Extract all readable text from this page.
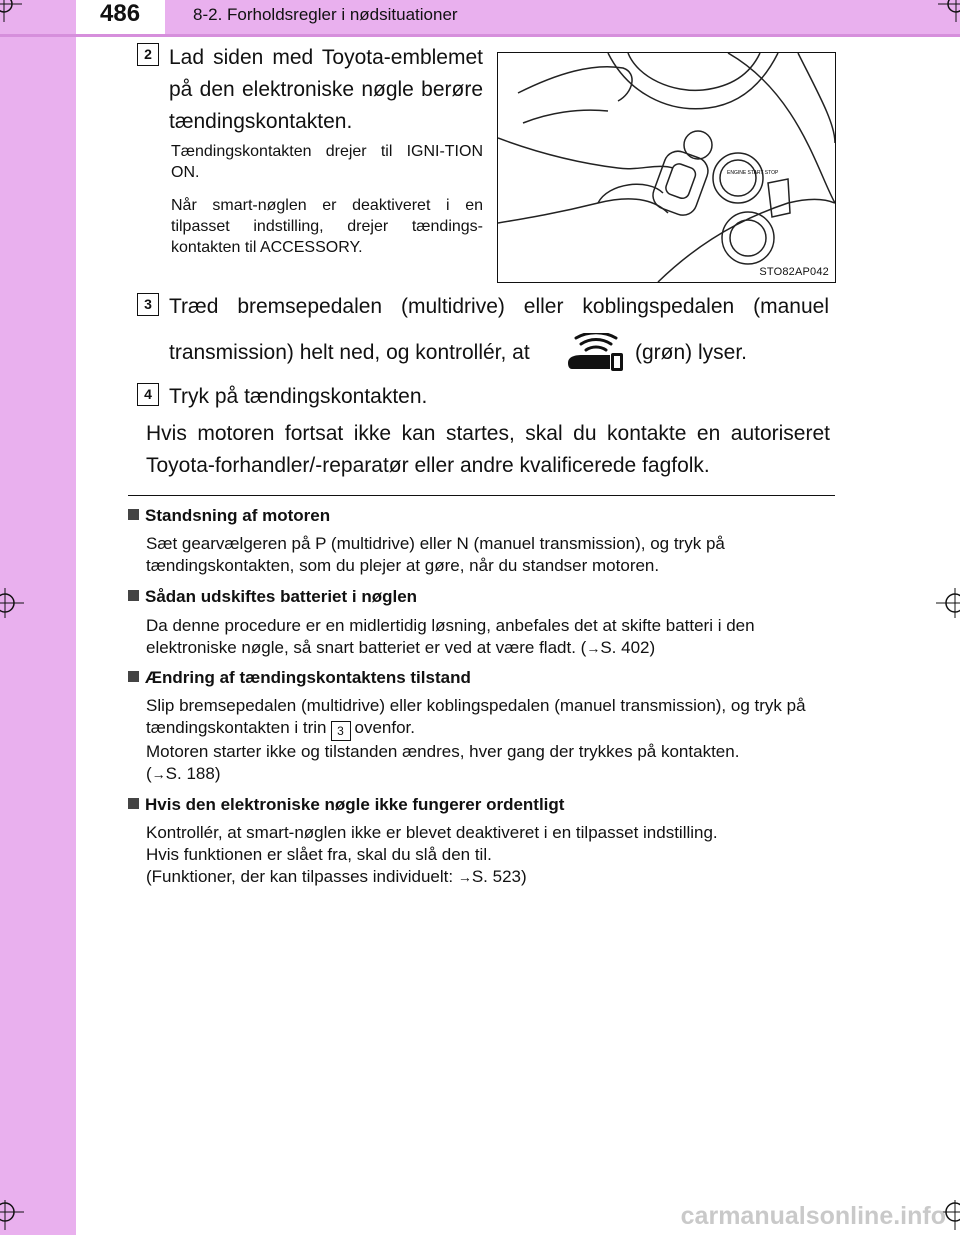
486	8-2. Forholdsregler i nødsituationer
2 Lad siden med Toyota-emblemet på den elektroniske nøgle berøre tændingskontakten.
Tændingskontakten drejer til IGNI-TION ON.
Når smart-nøglen er deaktiveret i en tilpasset indstilling, drejer tændings-kontakten til ACCESSORY.
ENGINE START STOP
STO82AP042
3 Træd bremsepedalen (multidrive) eller koblingspedalen (manuel
transmission) helt ned, og kontrollér, at	(grøn) lyser.
4 Tryk på tændingskontakten.
Hvis motoren fortsat ikke kan startes, skal du kontakte en autoriseret Toyota-forhandler/-reparatør eller andre kvalificerede fagfolk.
Standsning af motoren
Sæt gearvælgeren på P (multidrive) eller N (manuel transmission), og tryk på tændingskontakten, som du plejer at gøre, når du standser motoren.
Sådan udskiftes batteriet i nøglen
Da denne procedure er en midlertidig løsning, anbefales det at skifte batteri i den elektroniske nøgle, så snart batteriet er ved at være fladt. (→S. 402)
Ændring af tændingskontaktens tilstand
Slip bremsepedalen (multidrive) eller koblingspedalen (manuel transmission), og tryk på tændingskontakten i trin 3 ovenfor.
Motoren starter ikke og tilstanden ændres, hver gang der trykkes på kontakten.
(→S. 188)
Hvis den elektroniske nøgle ikke fungerer ordentligt
Kontrollér, at smart-nøglen ikke er blevet deaktiveret i en tilpasset indstilling.
Hvis funktionen er slået fra, skal du slå den til.
(Funktioner, der kan tilpasses individuelt: →S. 523)
carmanualsonline.info
